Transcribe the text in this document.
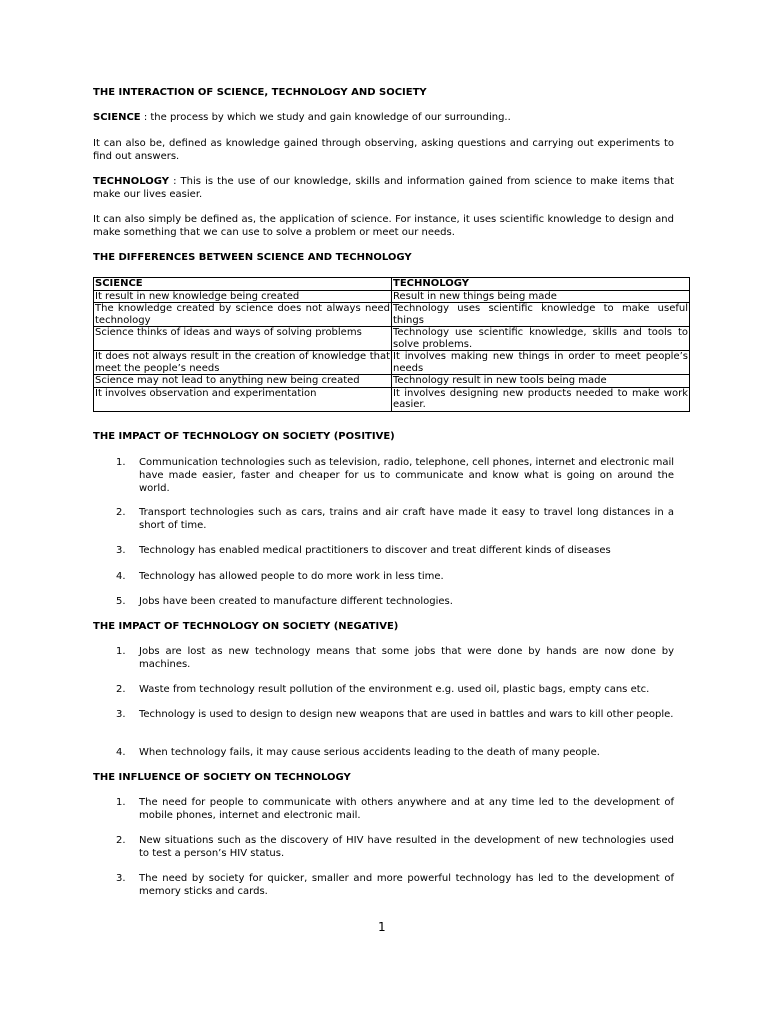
THE INTERACTION OF SCIENCE, TECHNOLOGY AND SOCIETY
SCIENCE : the process by which we study and gain knowledge of our surrounding..
It can also be, defined as knowledge gained through observing, asking questions and carrying out experiments to find out answers.
TECHNOLOGY : This is the use of our knowledge, skills and information gained from science to make items that make our lives easier.
It can also simply be defined as, the application of science. For instance, it uses scientific knowledge to design and make something that we can use to solve a problem or meet our needs.
THE DIFFERENCES BETWEEN SCIENCE AND TECHNOLOGY
SCIENCE	TECHNOLOGY
It result in new knowledge being created	Result in new things being made
The knowledge created by science does not always need technology	Technology uses scientific knowledge to make useful things
Science thinks of ideas and ways of solving problems	Technology use scientific knowledge, skills and tools to solve problems.
It does not always result in the creation of knowledge that meet the people’s needs	It involves making new things in order to meet people’s needs
Science may not lead to anything new being created	Technology result in new tools being made
It involves observation and experimentation	It involves designing new products needed to make work easier.
THE IMPACT OF TECHNOLOGY ON SOCIETY (POSITIVE)
1. Communication technologies such as television, radio, telephone, cell phones, internet and electronic mail have made easier, faster and cheaper for us to communicate and know what is going on around the world.
2. Transport technologies such as cars, trains and air craft have made it easy to travel long distances in a short of time.
3. Technology has enabled medical practitioners to discover and treat different kinds of diseases
4. Technology has allowed people to do more work in less time.
5. Jobs have been created to manufacture different technologies.
THE IMPACT OF TECHNOLOGY ON SOCIETY (NEGATIVE)
1. Jobs are lost as new technology means that some jobs that were done by hands are now done by machines.
2. Waste from technology result pollution of the environment e.g. used oil, plastic bags, empty cans etc.
3. Technology is used to design to design new weapons that are used in battles and wars to kill other people.
4. When technology fails, it may cause serious accidents leading to the death of many people.
THE INFLUENCE OF SOCIETY ON TECHNOLOGY
1. The need for people to communicate with others anywhere and at any time led to the development of mobile phones, internet and electronic mail.
2. New situations such as the discovery of HIV have resulted in the development of new technologies used to test a person’s HIV status.
3. The need by society for quicker, smaller and more powerful technology has led to the development of memory sticks and cards.
1
